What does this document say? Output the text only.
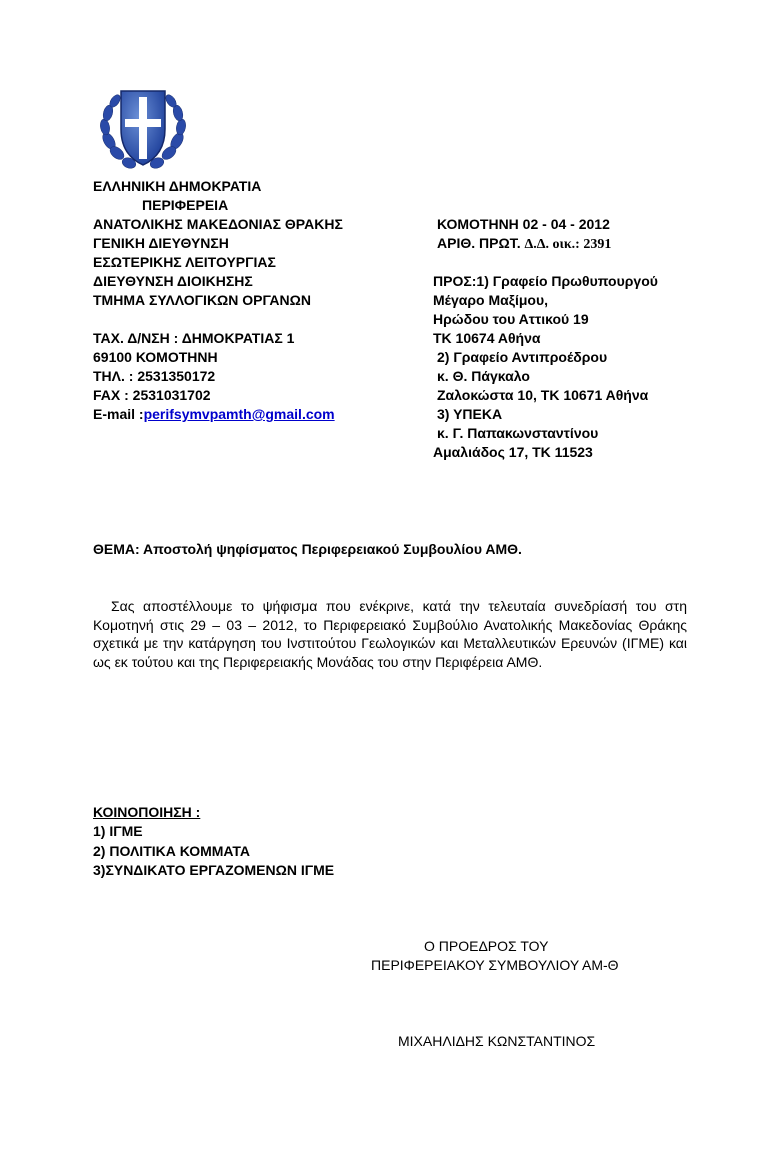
ΕΛΛΗΝΙΚΗ ΔΗΜΟΚΡΑΤΙΑ
ΠΕΡΙΦΕΡΕΙΑ
ΑΝΑΤΟΛΙΚΗΣ ΜΑΚΕΔΟΝΙΑΣ ΘΡΑΚΗΣ
ΓΕΝΙΚΗ ΔΙΕΥΘΥΝΣΗ
ΕΣΩΤΕΡΙΚΗΣ ΛΕΙΤΟΥΡΓΙΑΣ
ΔΙΕΥΘΥΝΣΗ ΔΙΟΙΚΗΣΗΣ
ΤΜΗΜΑ ΣΥΛΛΟΓΙΚΩΝ ΟΡΓΑΝΩΝ
ΚΟΜΟΤΗΝΗ 02 - 04 - 2012
ΑΡΙΘ. ΠΡΩΤ. Δ.Δ. οικ.: 2391
ΤΑΧ. Δ/ΝΣΗ : ΔΗΜΟΚΡΑΤΙΑΣ 1
69100 ΚΟΜΟΤΗΝΗ
ΤΗΛ. : 2531350172
FAX : 2531031702
E-mail :perifsymvpamth@gmail.com
ΠΡΟΣ:1) Γραφείο Πρωθυπουργού
Μέγαρο Μαξίμου,
Ηρώδου του Αττικού 19
ΤΚ 10674 Αθήνα
2) Γραφείο Αντιπροέδρου
κ. Θ. Πάγκαλο
Ζαλοκώστα 10, ΤΚ 10671 Αθήνα
3) ΥΠΕΚΑ
κ. Γ. Παπακωνσταντίνου
Αμαλιάδος 17, ΤΚ 11523
ΘΕΜΑ: Αποστολή ψηφίσματος Περιφερειακού Συμβουλίου ΑΜΘ.
Σας αποστέλλουμε το ψήφισμα που ενέκρινε, κατά την τελευταία συνεδρίασή του στη Κομοτηνή στις 29 – 03 – 2012, το Περιφερειακό Συμβούλιο Ανατολικής Μακεδονίας Θράκης σχετικά με την κατάργηση του Ινστιτούτου Γεωλογικών και Μεταλλευτικών Ερευνών (ΙΓΜΕ) και ως εκ τούτου και της Περιφερειακής Μονάδας του στην Περιφέρεια ΑΜΘ.
ΚΟΙΝΟΠΟΙΗΣΗ :
1) ΙΓΜΕ
2) ΠΟΛΙΤΙΚΑ ΚΟΜΜΑΤΑ
3)ΣΥΝΔΙΚΑΤΟ ΕΡΓΑΖΟΜΕΝΩΝ ΙΓΜΕ
Ο ΠΡΟΕΔΡΟΣ ΤΟΥ
ΠΕΡΙΦΕΡΕΙΑΚΟΥ ΣΥΜΒΟΥΛΙΟΥ ΑΜ-Θ
ΜΙΧΑΗΛΙΔΗΣ ΚΩΝΣΤΑΝΤΙΝΟΣ
